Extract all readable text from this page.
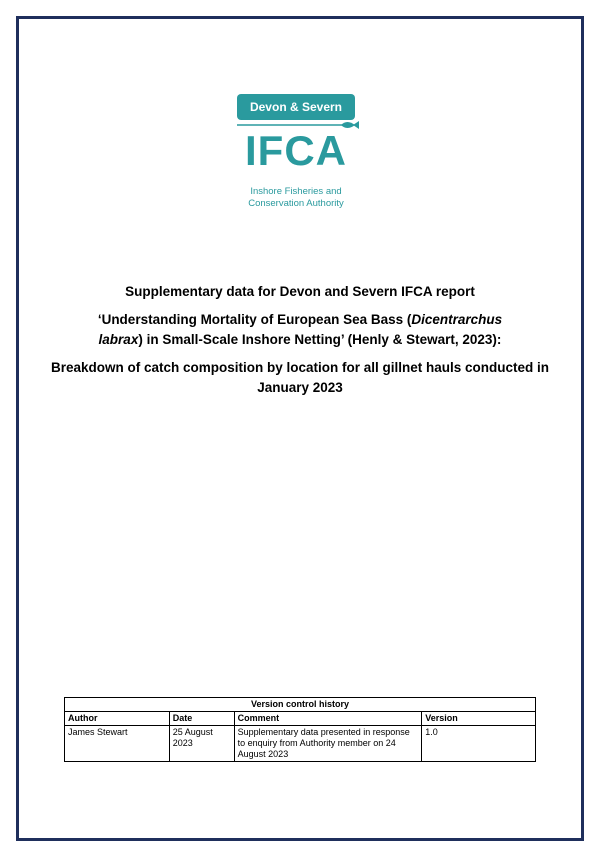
Devon & Severn
IFCA
Inshore Fisheries and
Conservation Authority

Supplementary data for Devon and Severn IFCA report

‘Understanding Mortality of European Sea Bass (Dicentrarchus
labrax) in Small-Scale Inshore Netting’ (Henly & Stewart, 2023):

Breakdown of catch composition by location for all gillnet hauls conducted in January 2023

Version control history			
Author	Date	Comment	Version
James Stewart	25 August 2023	Supplementary data presented in response to enquiry from Authority member on 24 August 2023	1.0
